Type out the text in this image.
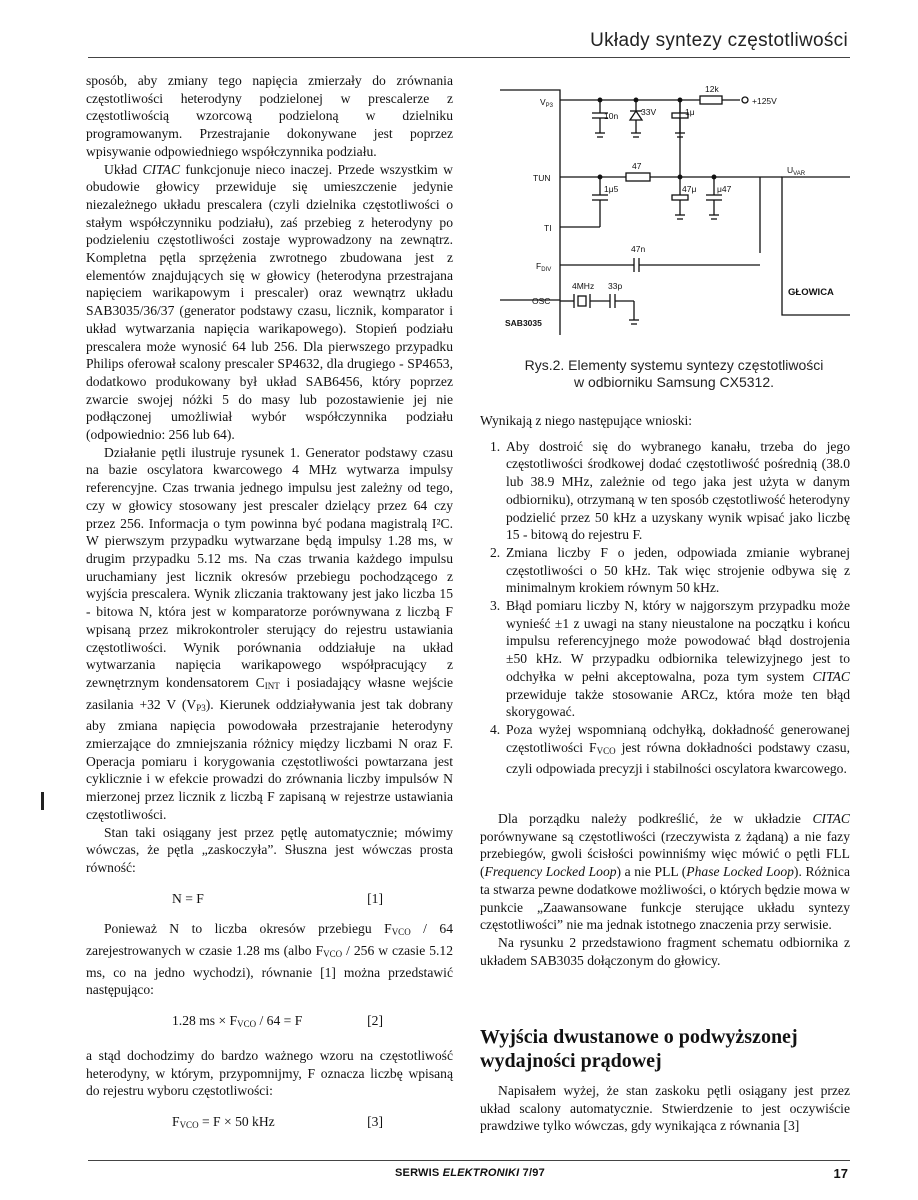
Układy syntezy częstotliwości

sposób, aby zmiany tego napięcia zmierzały do zrównania częstotliwości heterodyny podzielonej w prescalerze z częstotliwością wzorcową podzieloną w dzielniku programowanym. Przestrajanie dokonywane jest poprzez wpisywanie odpowiedniego współczynnika podziału.

Układ CITAC funkcjonuje nieco inaczej. Przede wszystkim w obudowie głowicy przewiduje się umieszczenie jedynie niezależnego układu prescalera (czyli dzielnika częstotliwości o stałym współczynniku podziału), zaś przebieg z heterodyny po podzieleniu częstotliwości zostaje wyprowadzony na zewnątrz. Kompletna pętla sprzężenia zwrotnego zbudowana jest z elementów znajdujących się w głowicy (heterodyna przestrajana napięciem warikapowym i prescaler) oraz wewnątrz układu SAB3035/36/37 (generator podstawy czasu, licznik, komparator i układ wytwarzania napięcia warikapowego). Stopień podziału prescalera może wynosić 64 lub 256. Dla pierwszego przypadku Philips oferował scalony prescaler SP4632, dla drugiego - SP4653, dodatkowo produkowany był układ SAB6456, który poprzez zwarcie swojej nóżki 5 do masy lub pozostawienie jej nie podłączonej umożliwiał wybór współczynnika podziału (odpowiednio: 256 lub 64).

Działanie pętli ilustruje rysunek 1. Generator podstawy czasu na bazie oscylatora kwarcowego 4 MHz wytwarza impulsy referencyjne. Czas trwania jednego impulsu jest zależny od tego, czy w głowicy stosowany jest prescaler dzielący przez 64 czy przez 256. Informacja o tym powinna być podana magistralą I²C. W pierwszym przypadku wytwarzane będą impulsy 1.28 ms, w drugim przypadku 5.12 ms. Na czas trwania każdego impulsu uruchamiany jest licznik okresów przebiegu pochodzącego z wyjścia prescalera. Wynik zliczania traktowany jest jako liczba 15 - bitowa N, która jest w komparatorze porównywana z liczbą F wpisaną przez mikrokontroler sterujący do rejestru ustawiania częstotliwości. Wynik porównania oddziałuje na układ wytwarzania napięcia warikapowego współpracujący z zewnętrznym kondensatorem $C_{INT}$ i posiadający własne wejście zasilania +32 V $(V_{P3})$. Kierunek oddziaływania jest tak dobrany aby zmiana napięcia powodowała przestrajanie heterodyny zmierzające do zmniejszania różnicy między liczbami N oraz F. Operacja pomiaru i korygowania częstotliwości powtarzana jest cyklicznie i w efekcie prowadzi do zrównania liczby impulsów N mierzonej przez licznik z liczbą F zapisaną w rejestrze ustawiania częstotliwości.

Stan taki osiągany jest przez pętlę automatycznie; mówimy wówczas, że pętla „zaskoczyła”. Słuszna jest wówczas prosta równość:

N = F	[1]

Ponieważ N to liczba okresów przebiegu $F_{VCO} / 64$ zarejestrowanych w czasie 1.28 ms (albo $F_{VCO} / 256$ w czasie 5.12 ms, co na jedno wychodzi), równanie [1] można przedstawić następująco:

1.28 ms × $F_{VCO} / 64 = F$	[2]

a stąd dochodzimy do bardzo ważnego wzoru na częstotliwość heterodyny, w którym, przypomnijmy, F oznacza liczbę wpisaną do rejestru wyboru częstotliwości:

$F_{VCO} = F \times 50$ kHz	[3]
$V_{P3}$
TUN
TI
$F_{DIV}$
OSC
SAB3035
12k
+125V
10n	33V	1μ
47
1μ5	47μ μ47
$U_{VAR}$
47n
4MHz 33p
GŁOWICA
Rys.2. Elementy systemu syntezy częstotliwości
w odbiorniku Samsung CX5312.

Wynikają z niego następujące wnioski:

1. Aby dostroić się do wybranego kanału, trzeba do jego częstotliwości środkowej dodać częstotliwość pośrednią (38.0 lub 38.9 MHz, zależnie od tego jaka jest użyta w danym odbiorniku), otrzymaną w ten sposób częstotliwość heterodyny podzielić przez 50 kHz a uzyskany wynik wpisać jako liczbę 15 - bitową do rejestru F.
2. Zmiana liczby F o jeden, odpowiada zmianie wybranej częstotliwości o 50 kHz. Tak więc strojenie odbywa się z minimalnym krokiem równym 50 kHz.
3. Błąd pomiaru liczby N, który w najgorszym przypadku może wynieść ±1 z uwagi na stany nieustalone na początku i końcu impulsu referencyjnego może powodować błąd dostrojenia ±50 kHz. W przypadku odbiornika telewizyjnego jest to odchyłka w pełni akceptowalna, poza tym system CITAC przewiduje także stosowanie ARCz, która może ten błąd skorygować.
4. Poza wyżej wspomnianą odchyłką, dokładność generowanej częstotliwości $F_{VCO}$ jest równa dokładności podstawy czasu, czyli odpowiada precyzji i stabilności oscylatora kwarcowego.

Dla porządku należy podkreślić, że w układzie CITAC porównywane są częstotliwości (rzeczywista z żądaną) a nie fazy przebiegów, gwoli ścisłości powinniśmy więc mówić o pętli FLL (Frequency Locked Loop) a nie PLL (Phase Locked Loop). Różnica ta stwarza pewne dodatkowe możliwości, o których będzie mowa w punkcie „Zaawansowane funkcje sterujące układu syntezy częstotliwości” nie ma jednak istotnego znaczenia przy serwisie.

Na rysunku 2 przedstawiono fragment schematu odbiornika z układem SAB3035 dołączonym do głowicy.

Wyjścia dwustanowe o podwyższonej wydajności prądowej

Napisałem wyżej, że stan zaskoku pętli osiągany jest przez układ scalony automatycznie. Stwierdzenie to jest oczywiście prawdziwe tylko wówczas, gdy wynikająca z równania [3]

SERWIS ELEKTRONIKI 7/97	17
